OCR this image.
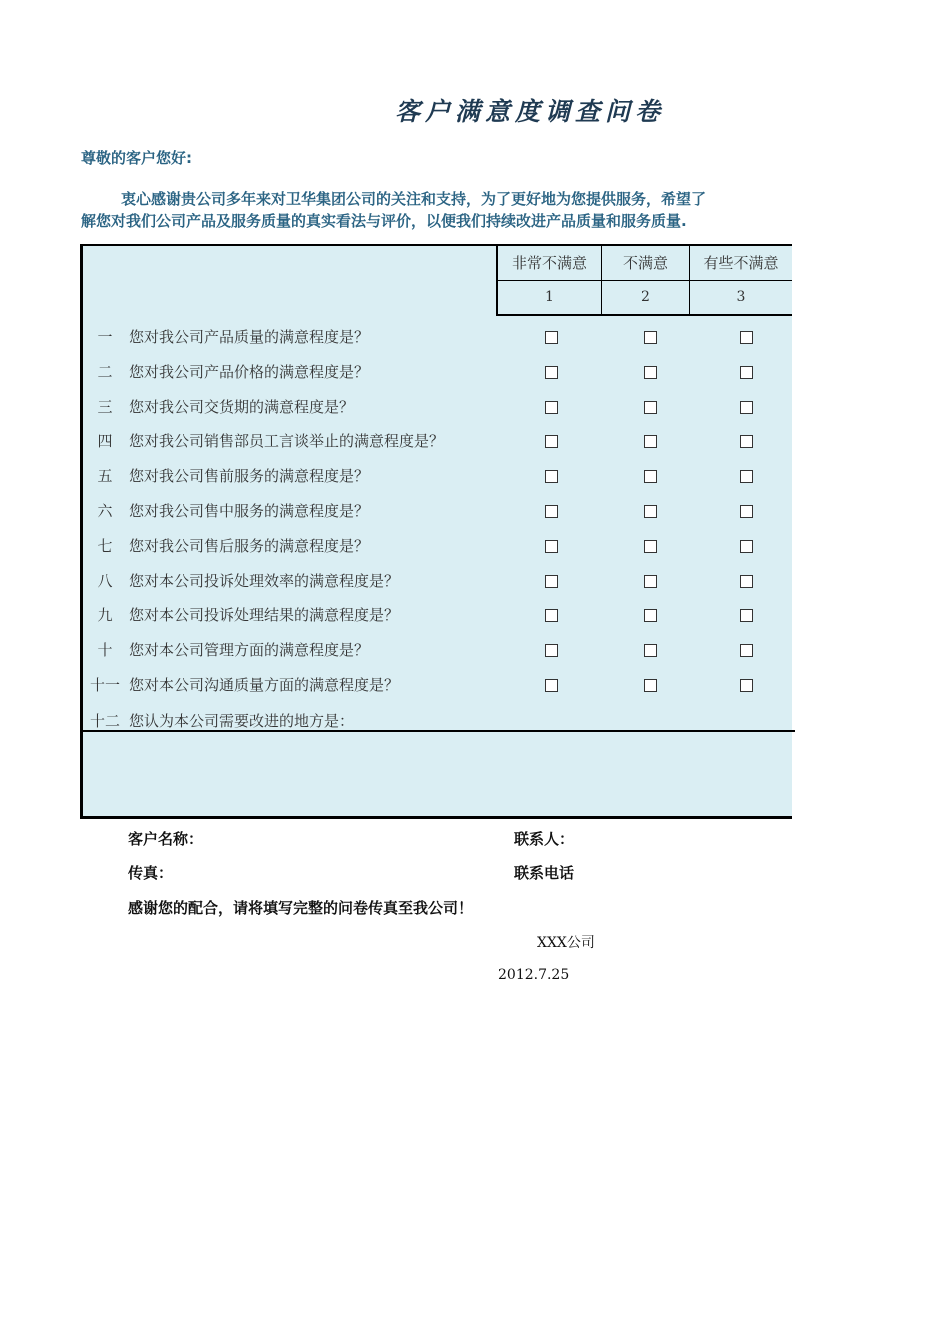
客户满意度调查问卷
尊敬的客户您好:
衷心感谢贵公司多年来对卫华集团公司的关注和支持，为了更好地为您提供服务，希望了
解您对我们公司产品及服务质量的真实看法与评价，以便我们持续改进产品质量和服务质量.
非常不满意	不满意	有些不满意
1	2	3
一	您对我公司产品质量的满意程度是？
二	您对我公司产品价格的满意程度是？
三	您对我公司交货期的满意程度是？
四	您对我公司销售部员工言谈举止的满意程度是？
五	您对我公司售前服务的满意程度是？
六	您对我公司售中服务的满意程度是？
七	您对我公司售后服务的满意程度是？
八	您对本公司投诉处理效率的满意程度是？
九	您对本公司投诉处理结果的满意程度是？
十	您对本公司管理方面的满意程度是？
十一 您对本公司沟通质量方面的满意程度是？
十二 您认为本公司需要改进的地方是：
客户名称：	联系人：
传真：	联系电话
感谢您的配合，请将填写完整的问卷传真至我公司！
XXX公司
2012.7.25
